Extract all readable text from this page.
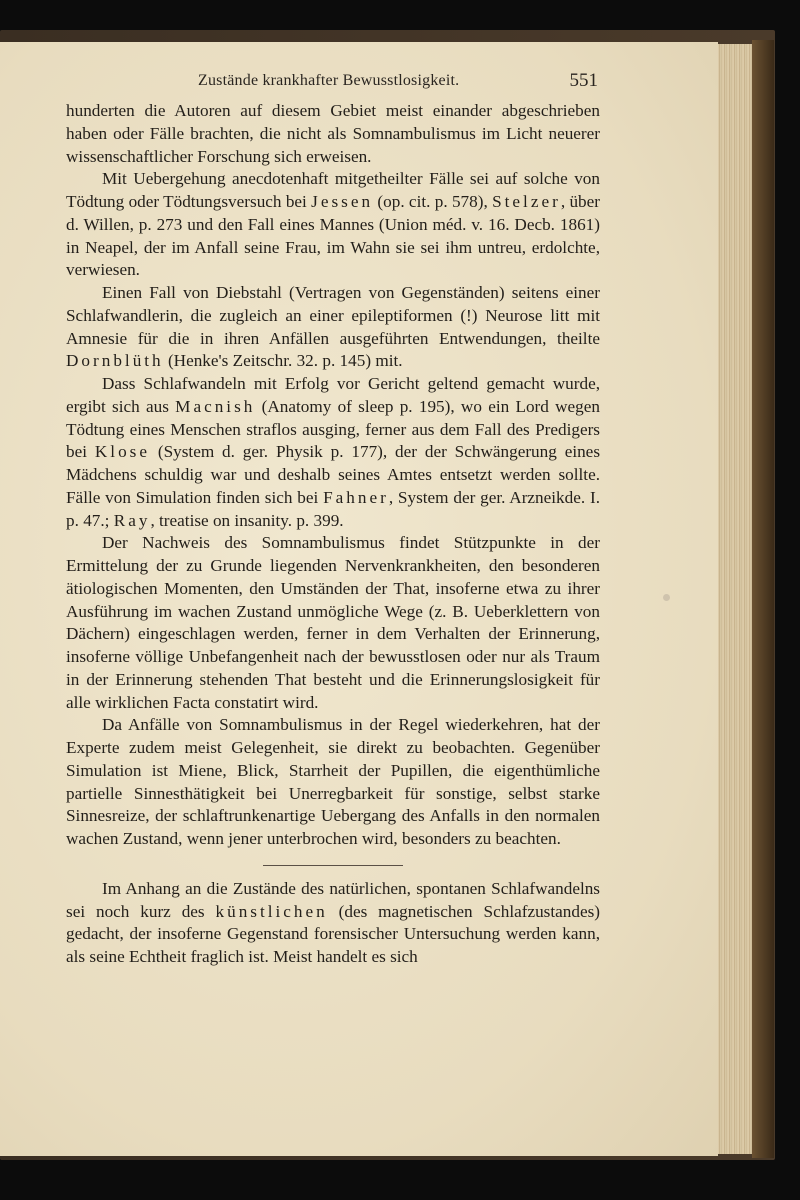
Zustände krankhafter Bewusstlosigkeit.	551

hunderten die Autoren auf diesem Gebiet meist einander abgeschrieben haben oder Fälle brachten, die nicht als Somnambulismus im Licht neuerer wissenschaftlicher Forschung sich erweisen.

Mit Uebergehung anecdotenhaft mitgetheilter Fälle sei auf solche von Tödtung oder Tödtungsversuch bei Jessen (op. cit. p. 578), Stelzer, über d. Willen, p. 273 und den Fall eines Mannes (Union méd. v. 16. Decb. 1861) in Neapel, der im Anfall seine Frau, im Wahn sie sei ihm untreu, erdolchte, verwiesen.

Einen Fall von Diebstahl (Vertragen von Gegenständen) seitens einer Schlafwandlerin, die zugleich an einer epileptiformen (!) Neurose litt mit Amnesie für die in ihren Anfällen ausgeführten Entwendungen, theilte Dornblüth (Henke's Zeitschr. 32. p. 145) mit.

Dass Schlafwandeln mit Erfolg vor Gericht geltend gemacht wurde, ergibt sich aus Macnish (Anatomy of sleep p. 195), wo ein Lord wegen Tödtung eines Menschen straflos ausging, ferner aus dem Fall des Predigers bei Klose (System d. ger. Physik p. 177), der der Schwängerung eines Mädchens schuldig war und deshalb seines Amtes entsetzt werden sollte. Fälle von Simulation finden sich bei Fahner, System der ger. Arzneikde. I. p. 47.; Ray, treatise on insanity. p. 399.

Der Nachweis des Somnambulismus findet Stützpunkte in der Ermittelung der zu Grunde liegenden Nervenkrankheiten, den besonderen ätiologischen Momenten, den Umständen der That, insoferne etwa zu ihrer Ausführung im wachen Zustand unmögliche Wege (z. B. Ueberklettern von Dächern) eingeschlagen werden, ferner in dem Verhalten der Erinnerung, insoferne völlige Unbefangenheit nach der bewusstlosen oder nur als Traum in der Erinnerung stehenden That besteht und die Erinnerungslosigkeit für alle wirklichen Facta constatirt wird.

Da Anfälle von Somnambulismus in der Regel wiederkehren, hat der Experte zudem meist Gelegenheit, sie direkt zu beobachten. Gegenüber Simulation ist Miene, Blick, Starrheit der Pupillen, die eigenthümliche partielle Sinnesthätigkeit bei Unerregbarkeit für sonstige, selbst starke Sinnesreize, der schlaftrunkenartige Uebergang des Anfalls in den normalen wachen Zustand, wenn jener unterbrochen wird, besonders zu beachten.

Im Anhang an die Zustände des natürlichen, spontanen Schlafwandelns sei noch kurz des künstlichen (des magnetischen Schlafzustandes) gedacht, der insoferne Gegenstand forensischer Untersuchung werden kann, als seine Echtheit fraglich ist. Meist handelt es sich
